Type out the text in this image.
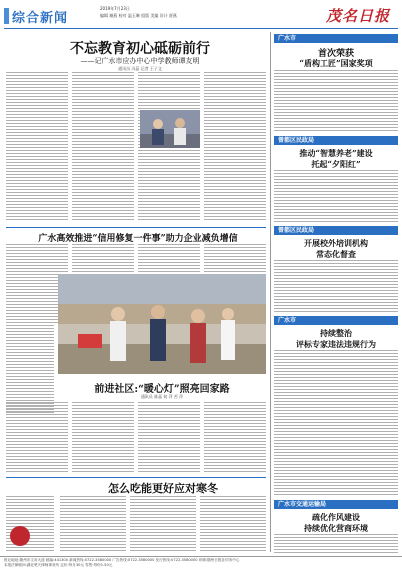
综合新闻
2019年7月23日
编辑 谢燕 校对 温玉琳 组版 美编 设计 贾燕	茂名日报
不忘教育初心砥砺前行
——记广水市应办中心中学教师谭友明
通讯员 冯蕊 记者 王子文
广水高效推进“信用修复一件事”助力企业减负增信
前进社区:“暖心灯”照亮回家路
通讯员 陈蕊 何 萍 苦 萍
怎么吃能更好应对寒冬
广水市
首次荣获
“盾构工匠”国家奖项
曾都区民政局
推动“智慧养老”建设
托起“夕阳红”
曾都区民政局
开展校外培训机构
常态化督查
广水市
持续整治
评标专家违法违规行为
广水市交通运输局
疏化作风建设
持续优化营商环境
报社地址:随州市文帝大道 邮编:441300 新闻热线:0722-3580000 广告热线:0722-3580000 发行热线:0722-3580000 印刷:随州日报社印务中心
本报法律顾问:湖北楚天律师事务所 定价:每月30元 零售:每份1.50元
